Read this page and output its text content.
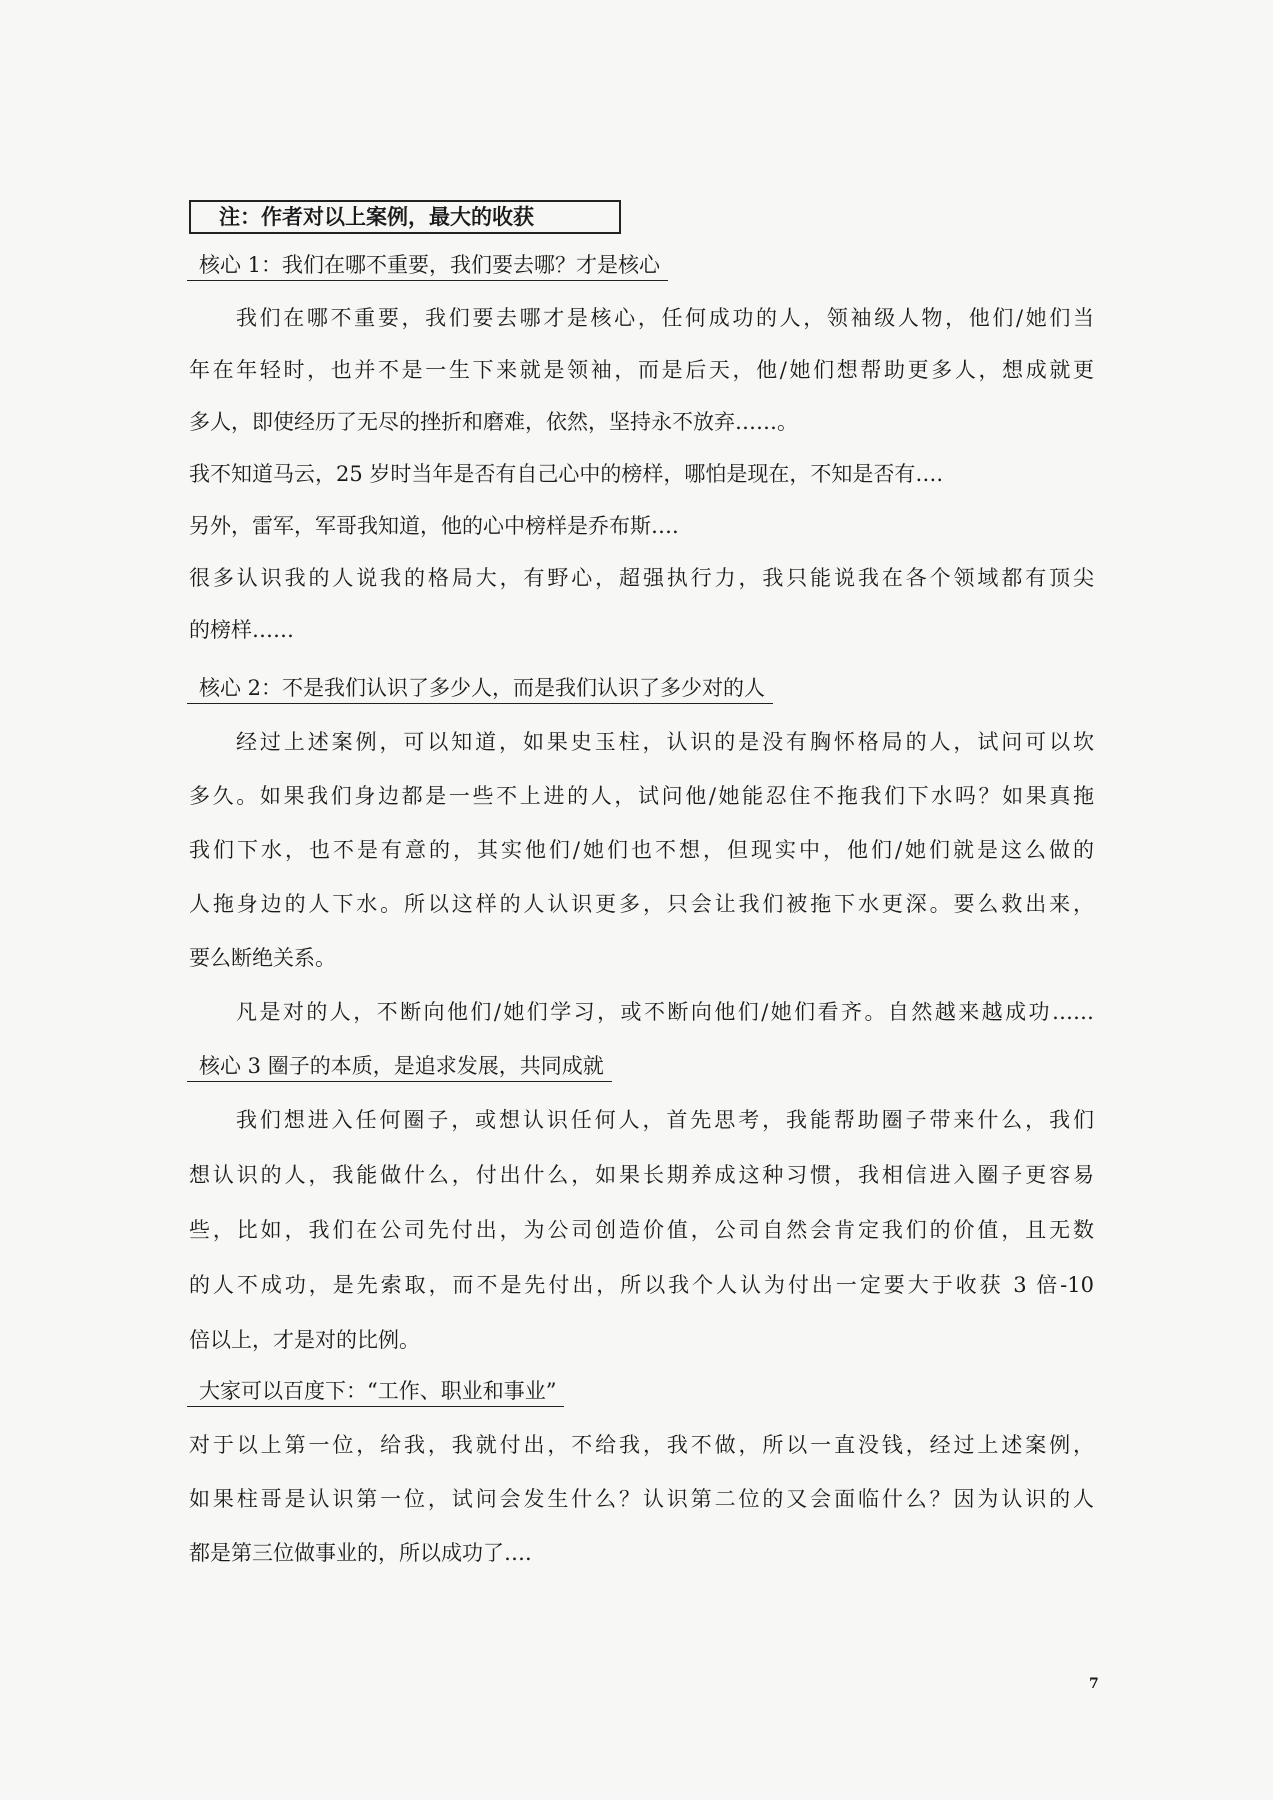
注：作者对以上案例，最大的收获
核心 1：我们在哪不重要，我们要去哪？才是核心
我们在哪不重要，我们要去哪才是核心，任何成功的人，领袖级人物，他们/她们当
年在年轻时，也并不是一生下来就是领袖，而是后天，他/她们想帮助更多人，想成就更
多人，即使经历了无尽的挫折和磨难，依然，坚持永不放弃……。
我不知道马云，25 岁时当年是否有自己心中的榜样，哪怕是现在，不知是否有….
另外，雷军，军哥我知道，他的心中榜样是乔布斯….
很多认识我的人说我的格局大，有野心，超强执行力，我只能说我在各个领域都有顶尖
的榜样……
核心 2：不是我们认识了多少人，而是我们认识了多少对的人
经过上述案例，可以知道，如果史玉柱，认识的是没有胸怀格局的人，试问可以坎
多久。如果我们身边都是一些不上进的人，试问他/她能忍住不拖我们下水吗？如果真拖
我们下水，也不是有意的，其实他们/她们也不想，但现实中，他们/她们就是这么做的
人拖身边的人下水。所以这样的人认识更多，只会让我们被拖下水更深。要么救出来，
要么断绝关系。
凡是对的人，不断向他们/她们学习，或不断向他们/她们看齐。自然越来越成功……
核心 3 圈子的本质，是追求发展，共同成就
我们想进入任何圈子，或想认识任何人，首先思考，我能帮助圈子带来什么，我们
想认识的人，我能做什么，付出什么，如果长期养成这种习惯，我相信进入圈子更容易
些，比如，我们在公司先付出，为公司创造价值，公司自然会肯定我们的价值，且无数
的人不成功，是先索取，而不是先付出，所以我个人认为付出一定要大于收获 3 倍-10
倍以上，才是对的比例。
大家可以百度下：“工作、职业和事业”
对于以上第一位，给我，我就付出，不给我，我不做，所以一直没钱，经过上述案例，
如果柱哥是认识第一位，试问会发生什么？认识第二位的又会面临什么？因为认识的人
都是第三位做事业的，所以成功了….
7
